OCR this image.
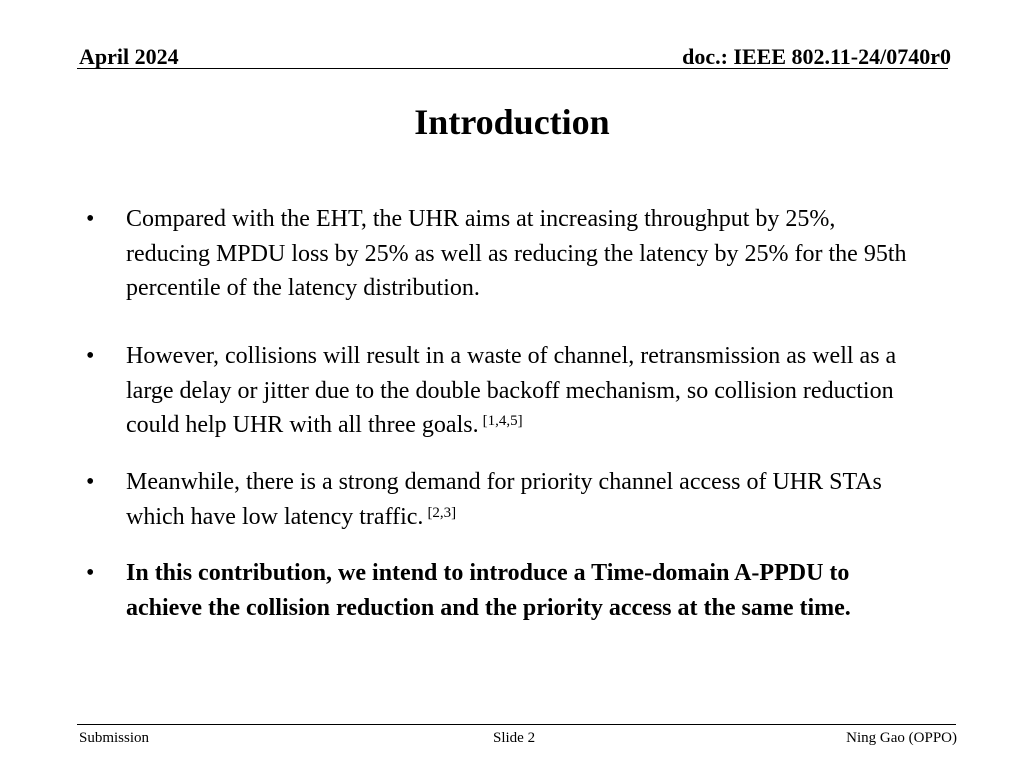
April 2024	doc.: IEEE 802.11-24/0740r0
Introduction
•	Compared with the EHT, the UHR aims at increasing throughput by 25%, reducing MPDU loss by 25% as well as reducing the latency by 25% for the 95th percentile of the latency distribution.
•	However, collisions will result in a waste of channel, retransmission as well as a large delay or jitter due to the double backoff mechanism, so collision reduction could help UHR with all three goals. [1,4,5]
•	Meanwhile, there is a strong demand for priority channel access of UHR STAs which have low latency traffic. [2,3]
•	In this contribution, we intend to introduce a Time-domain A-PPDU to achieve the collision reduction and the priority access at the same time.
Submission	Slide 2	Ning Gao (OPPO)
